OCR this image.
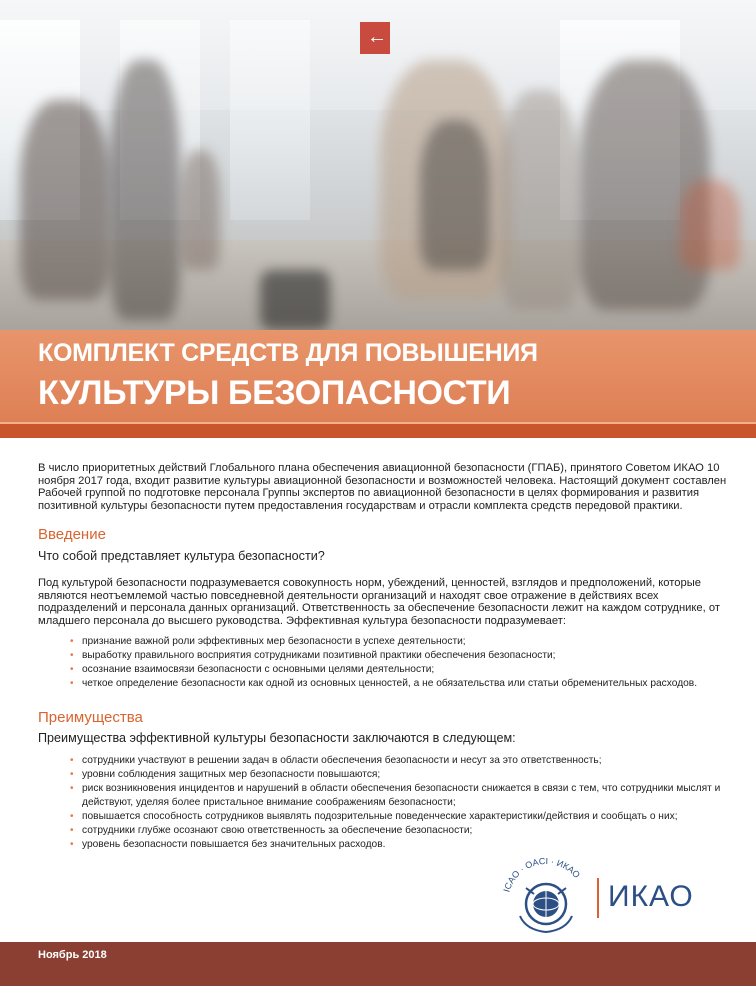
←
КОМПЛЕКТ СРЕДСТВ ДЛЯ ПОВЫШЕНИЯ
КУЛЬТУРЫ БЕЗОПАСНОСТИ
В число приоритетных действий Глобального плана обеспечения авиационной безопасности (ГПАБ), принятого Советом ИКАО 10 ноября 2017 года, входит развитие культуры авиационной безопасности и возможностей человека. Настоящий документ составлен Рабочей группой по подготовке персонала Группы экспертов по авиационной безопасности в целях формирования и развития позитивной культуры безопасности путем предоставления государствам и отрасли комплекта средств передовой практики.
Введение
Что собой представляет культура безопасности?
Под культурой безопасности подразумевается совокупность норм, убеждений, ценностей, взглядов и предположений, которые являются неотъемлемой частью повседневной деятельности организаций и находят свое отражение в действиях всех подразделений и персонала данных организаций. Ответственность за обеспечение безопасности лежит на каждом сотруднике, от младшего персонала до высшего руководства. Эффективная культура безопасности подразумевает:
• признание важной роли эффективных мер безопасности в успехе деятельности;
• выработку правильного восприятия сотрудниками позитивной практики обеспечения безопасности;
• осознание взаимосвязи безопасности с основными целями деятельности;
• четкое определение безопасности как одной из основных ценностей, а не обязательства или статьи обременительных расходов.
Преимущества
Преимущества эффективной культуры безопасности заключаются в следующем:
• сотрудники участвуют в решении задач в области обеспечения безопасности и несут за это ответственность;
• уровни соблюдения защитных мер безопасности повышаются;
• риск возникновения инцидентов и нарушений в области обеспечения безопасности снижается в связи с тем, что сотрудники мыслят и действуют, уделяя более пристальное внимание соображениям безопасности;
• повышается способность сотрудников выявлять подозрительные поведенческие характеристики/действия и сообщать о них;
• сотрудники глубже осознают свою ответственность за обеспечение безопасности;
• уровень безопасности повышается без значительных расходов.
ICAO · OACI · ИКАО
ИКАО
Ноябрь 2018
